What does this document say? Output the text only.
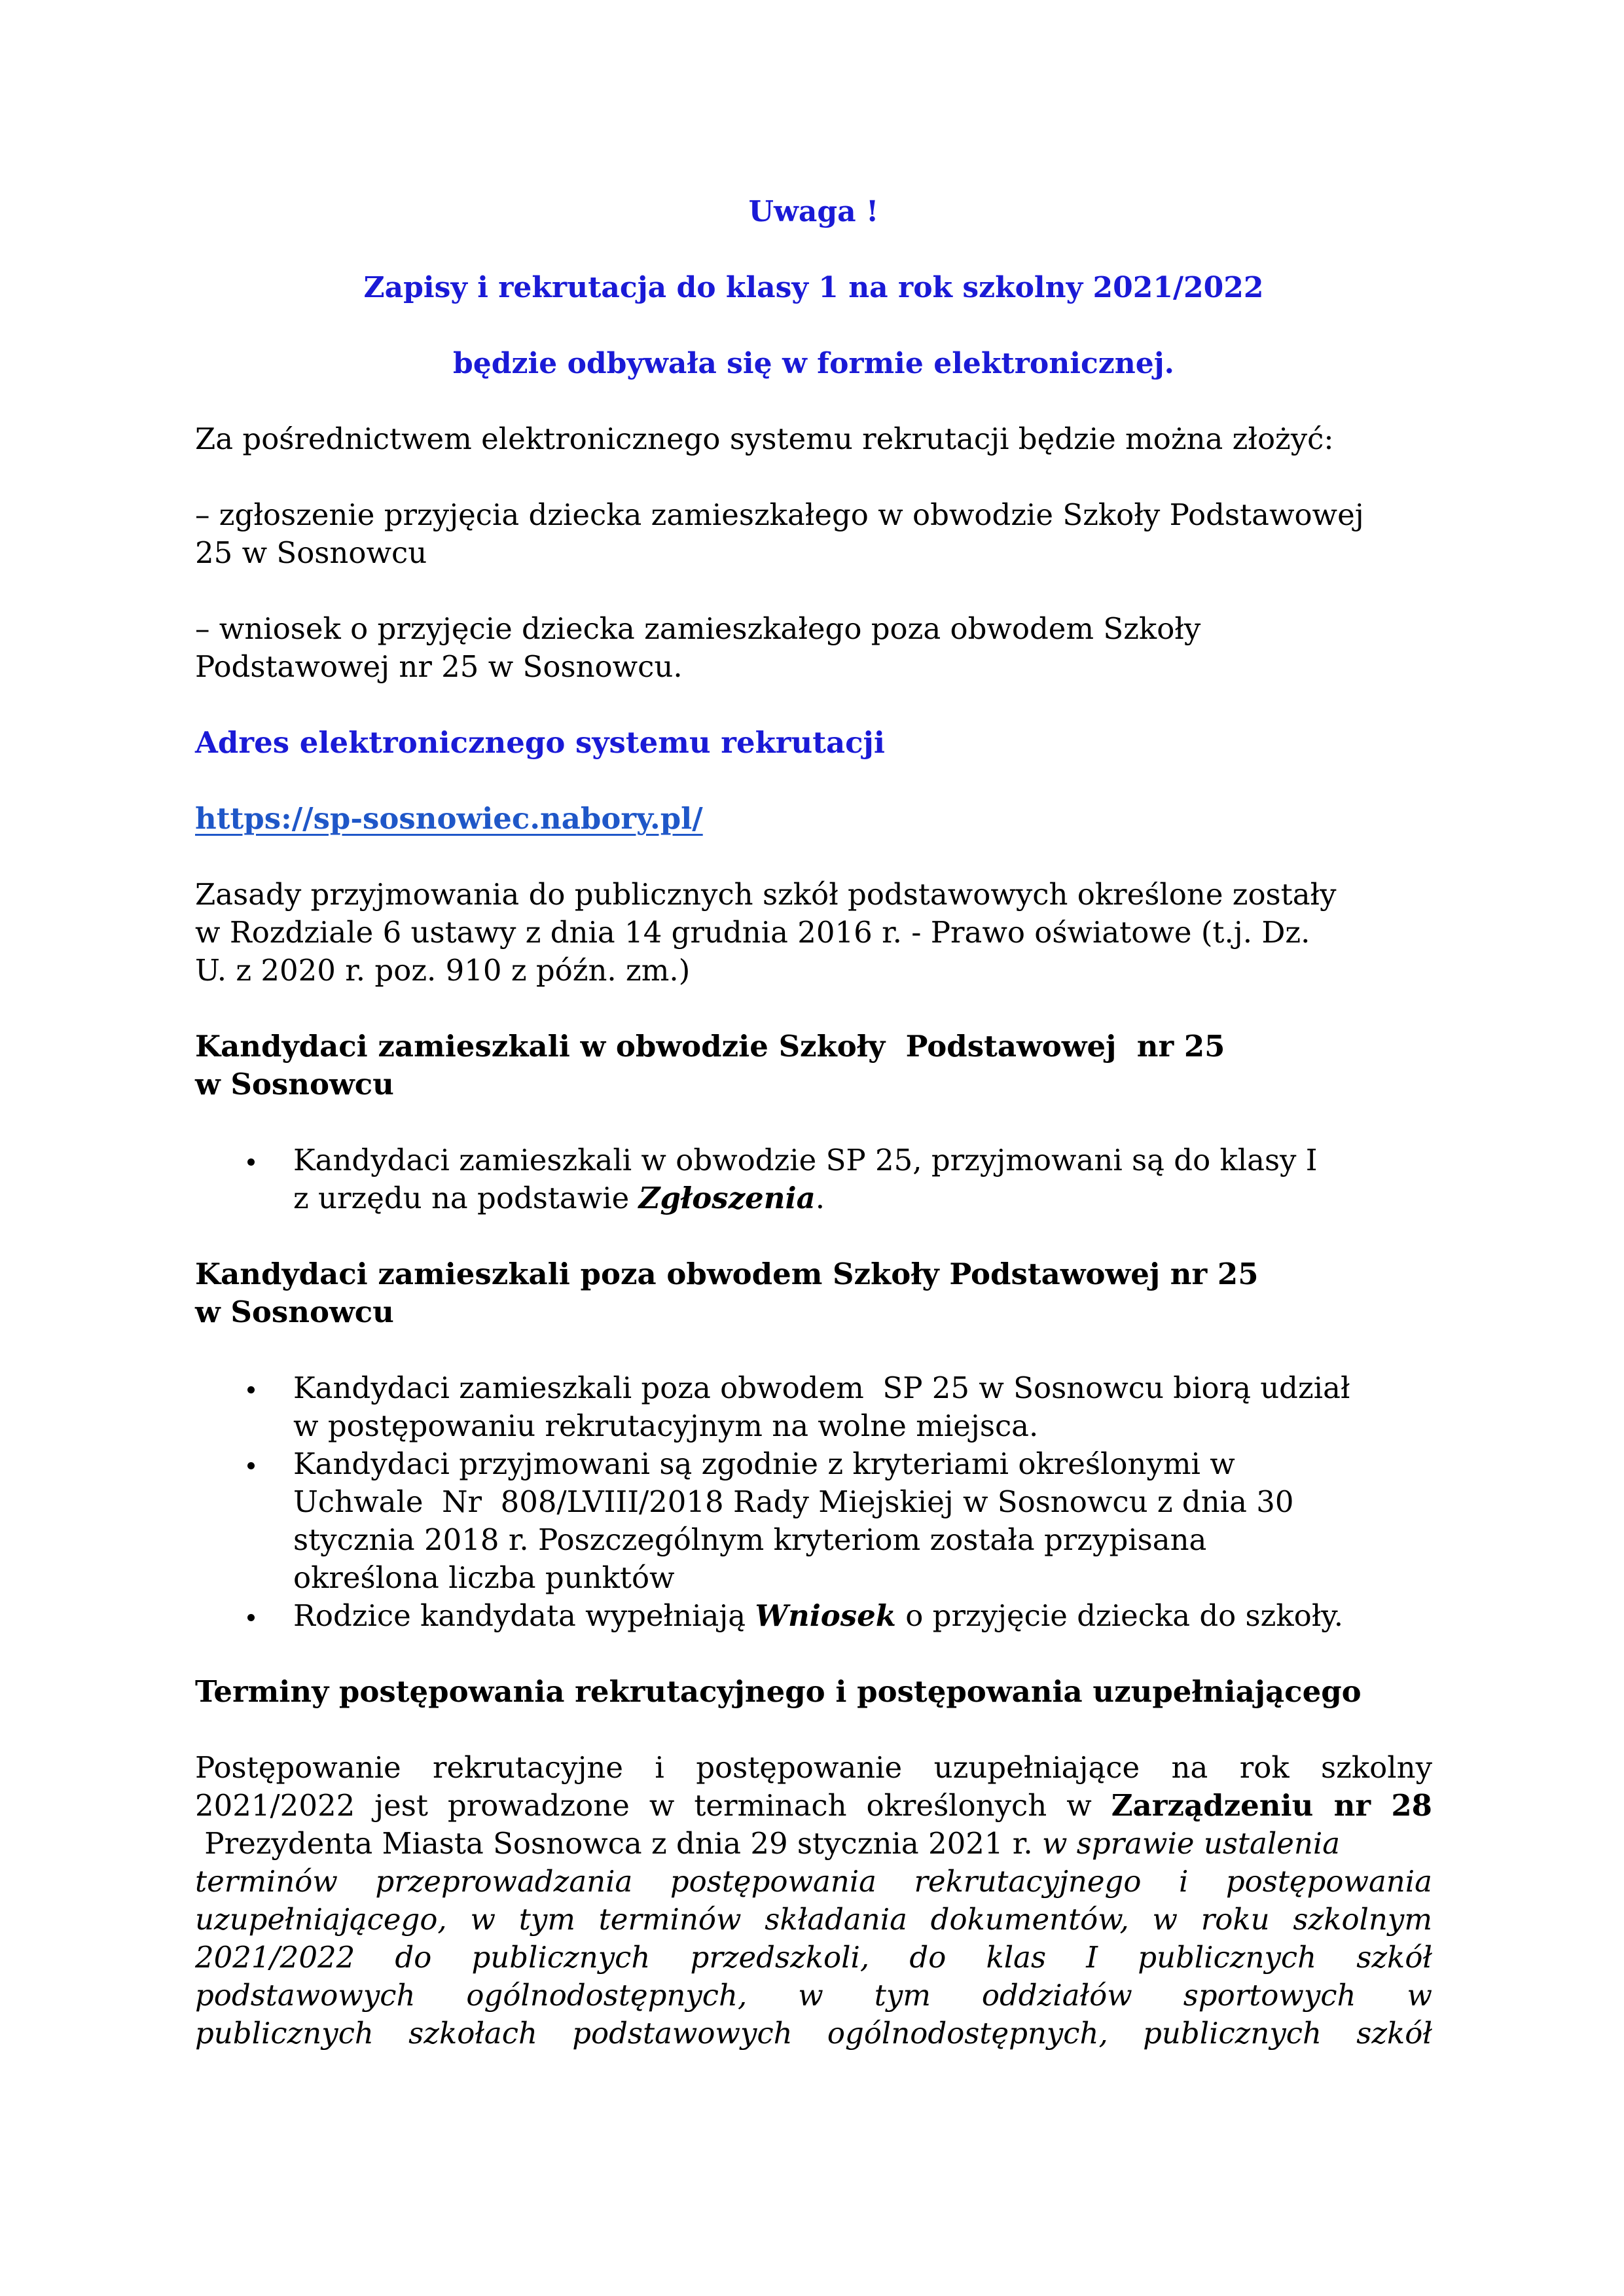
Uwaga !

Zapisy i rekrutacja do klasy 1 na rok szkolny 2021/2022

będzie odbywała się w formie elektronicznej.

Za pośrednictwem elektronicznego systemu rekrutacji będzie można złożyć:

– zgłoszenie przyjęcia dziecka zamieszkałego w obwodzie Szkoły Podstawowej
25 w Sosnowcu

– wniosek o przyjęcie dziecka zamieszkałego poza obwodem Szkoły
Podstawowej nr 25 w Sosnowcu.

Adres elektronicznego systemu rekrutacji

https://sp-sosnowiec.nabory.pl/

Zasady przyjmowania do publicznych szkół podstawowych określone zostały
w Rozdziale 6 ustawy z dnia 14 grudnia 2016 r. - Prawo oświatowe (t.j. Dz.
U. z 2020 r. poz. 910 z późn. zm.)

Kandydaci zamieszkali w obwodzie Szkoły  Podstawowej  nr 25
w Sosnowcu
Kandydaci zamieszkali w obwodzie SP 25, przyjmowani są do klasy I
z urzędu na podstawie Zgłoszenia.
Kandydaci zamieszkali poza obwodem Szkoły Podstawowej nr 25
w Sosnowcu
Kandydaci zamieszkali poza obwodem  SP 25 w Sosnowcu biorą udział
w postępowaniu rekrutacyjnym na wolne miejsca.
Kandydaci przyjmowani są zgodnie z kryteriami określonymi w
Uchwale  Nr  808/LVIII/2018 Rady Miejskiej w Sosnowcu z dnia 30
stycznia 2018 r. Poszczególnym kryteriom została przypisana
określona liczba punktów
Rodzice kandydata wypełniają Wniosek o przyjęcie dziecka do szkoły.

Terminy postępowania rekrutacyjnego i postępowania uzupełniającego

Postępowanie rekrutacyjne i postępowanie uzupełniające na rok szkolny
2021/2022 jest prowadzone w terminach określonych w Zarządzeniu nr 28
Prezydenta Miasta Sosnowca z dnia 29 stycznia 2021 r. w sprawie ustalenia
terminów przeprowadzania postępowania rekrutacyjnego i postępowania
uzupełniającego, w tym terminów składania dokumentów, w roku szkolnym
2021/2022 do publicznych przedszkoli, do klas I publicznych szkół
podstawowych ogólnodostępnych, w tym oddziałów sportowych w
publicznych szkołach podstawowych ogólnodostępnych, publicznych szkół
